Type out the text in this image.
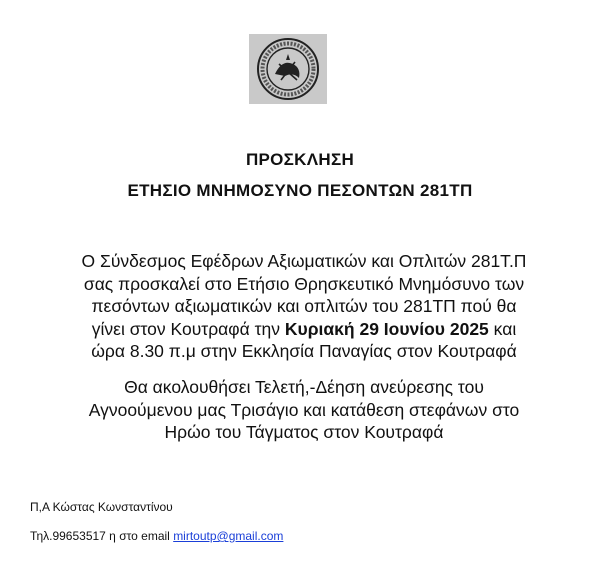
ΠΡΟΣΚΛΗΣΗ
ΕΤΗΣΙΟ ΜΝΗΜΟΣΥΝΟ ΠΕΣΟΝΤΩΝ 281ΤΠ
Ο Σύνδεσμος Εφέδρων Αξιωματικών και Οπλιτών 281Τ.Π
σας προσκαλεί στο Ετήσιο Θρησκευτικό Μνημόσυνο των
πεσόντων αξιωματικών και οπλιτών του 281ΤΠ πού θα
γίνει στον Κουτραφά την Κυριακή 29 Ιουνίου 2025 και
ώρα 8.30 π.μ στην Εκκλησία Παναγίας στον Κουτραφά
Θα ακολουθήσει Τελετή,-Δέηση ανεύρεσης του
Αγνοούμενου μας Τρισάγιο και κατάθεση στεφάνων στο
Ηρώο του Τάγματος στον Κουτραφά
Π,Α Κώστας Κωνσταντίνου
Τηλ.99653517 η στο email mirtoutp@gmail.com
